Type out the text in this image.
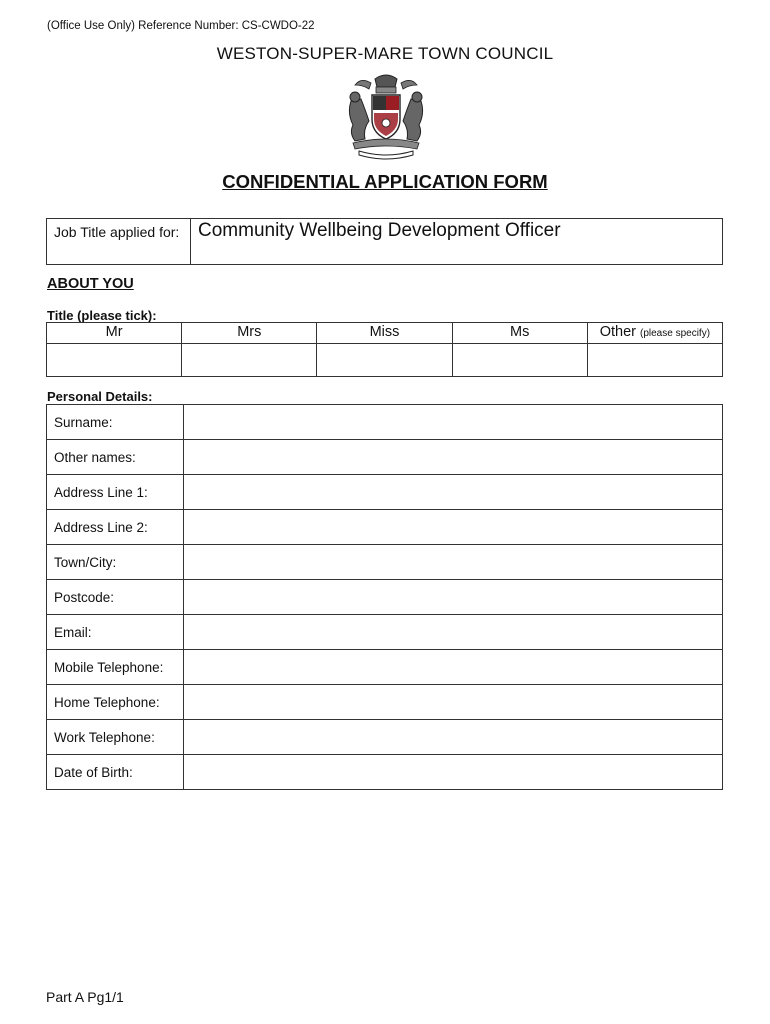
(Office Use Only) Reference Number: CS-CWDO-22
WESTON-SUPER-MARE TOWN COUNCIL
CONFIDENTIAL APPLICATION FORM
Job Title applied for:	Community Wellbeing Development Officer
ABOUT YOU
Title (please tick):
Mr	Mrs	Miss	Ms	Other (please specify)

Personal Details:
Surname:	
Other names:	
Address Line 1:	
Address Line 2:	
Town/City:	
Postcode:	
Email:	
Mobile Telephone:	
Home Telephone:	
Work Telephone:	
Date of Birth:	
Part A Pg1/1
